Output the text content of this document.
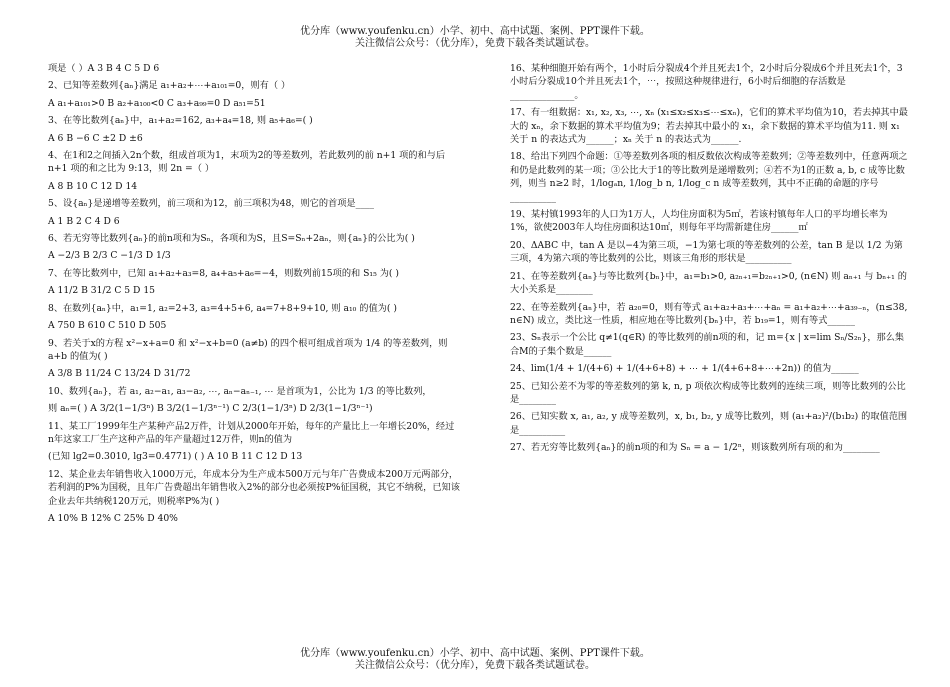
优分库（www.youfenku.cn）小学、初中、高中试题、案例、PPT课件下载。
关注微信公众号：（优分库），免费下载各类试题试卷。

项是（ ）A 3 B 4 C 5 D 6

2、已知等差数列{aₙ}满足 a₁+a₂+⋯+a₁₀₁=0，则有（ ）

A a₁+a₁₀₁>0 B a₂+a₁₀₀<0 C a₃+a₉₉=0 D a₅₁=51

3、在等比数列{aₙ}中，a₁+a₂=162, a₃+a₄=18, 则 a₅+a₆=( )

A 6 B −6 C ±2 D ±6

4、在1和2之间插入2n个数，组成首项为1，末项为2的等差数列，若此数列的前 n+1 项的和与后 n+1 项的和之比为 9:13，则 2n =（ ）

A 8 B 10 C 12 D 14

5、设{aₙ}是递增等差数列，前三项和为12，前三项积为48，则它的首项是____

A 1 B 2 C 4 D 6

6、若无穷等比数列{aₙ}的前n项和为Sₙ，各项和为S，且S=Sₙ+2aₙ，则{aₙ}的公比为( )

A −2/3 B 2/3 C −1/3 D 1/3

7、在等比数列中，已知 a₁+a₂+a₃=8, a₄+a₅+a₆=−4，则数列前15项的和 S₁₅ 为( )

A 11/2 B 31/2 C 5 D 15

8、在数列{aₙ}中，a₁=1, a₂=2+3, a₃=4+5+6, a₄=7+8+9+10, 则 a₁₀ 的值为( )

A 750 B 610 C 510 D 505

9、若关于x的方程 x²−x+a=0 和 x²−x+b=0 (a≠b) 的四个根可组成首项为 1/4 的等差数列，则 a+b 的值为( )

A 3/8 B 11/24 C 13/24 D 31/72

10、数列{aₙ}，若 a₁, a₂−a₁, a₃−a₂, ⋯, aₙ−aₙ₋₁, ⋯ 是首项为1，公比为 1/3 的等比数列，

则 aₙ=( ) A 3/2(1−1/3ⁿ) B 3/2(1−1/3ⁿ⁻¹) C 2/3(1−1/3ⁿ) D 2/3(1−1/3ⁿ⁻¹)

11、某工厂1999年生产某种产品2万件，计划从2000年开始，每年的产量比上一年增长20%，经过n年这家工厂生产这种产品的年产量超过12万件，则n的值为

(已知 lg2=0.3010, lg3=0.4771) ( ) A 10 B 11 C 12 D 13

12、某企业去年销售收入1000万元，年成本分为生产成本500万元与年广告费成本200万元两部分，若利润的P%为国税，且年广告费超出年销售收入2%的部分也必须按P%征国税，其它不纳税，已知该企业去年共纳税120万元，则税率P%为( )

A 10% B 12% C 25% D 40%

16、某种细胞开始有两个，1小时后分裂成4个并且死去1个，2小时后分裂成6个并且死去1个，3小时后分裂成10个并且死去1个，⋯，按照这种规律进行，6小时后细胞的存活数是______________。

17、有一组数据：x₁, x₂, x₃, ⋯, xₙ (x₁≤x₂≤x₃≤⋯≤xₙ)，它们的算术平均值为10，若去掉其中最大的 xₙ，余下数据的算术平均值为9；若去掉其中最小的 x₁，余下数据的算术平均值为11. 则 x₁ 关于 n 的表达式为______；xₙ 关于 n 的表达式为______.

18、给出下列四个命题：①等差数列各项的相反数依次构成等差数列；②等差数列中，任意两项之和仍是此数列的某一项；③公比大于1的等比数列是递增数列；④若不为1的正数 a, b, c 成等比数列，则当 n≥2 时，1/logₐn, 1/log_b n, 1/log_c n 成等差数列，其中不正确的命题的序号__________

19、某村镇1993年的人口为1万人，人均住房面积为5㎡，若该村镇每年人口的平均增长率为1%，欲使2003年人均住房面积达10㎡，则每年平均需新建住房______㎡

20、ΔABC 中，tan A 是以−4为第三项，−1为第七项的等差数列的公差，tan B 是以 1/2 为第三项，4为第六项的等比数列的公比，则该三角形的形状是__________

21、在等差数列{aₙ}与等比数列{bₙ}中，a₁=b₁>0, a₂ₙ₊₁=b₂ₙ₊₁>0, (n∈N) 则 aₙ₊₁ 与 bₙ₊₁ 的大小关系是________

22、在等差数列{aₙ}中，若 a₂₀=0，则有等式 a₁+a₂+a₃+⋯+aₙ = a₁+a₂+⋯+a₃₉₋ₙ，(n≤38, n∈N) 成立，类比这一性质，相应地在等比数列{bₙ}中，若 b₁₉=1，则有等式______

23、Sₙ表示一个公比 q≠1(q∈R) 的等比数列的前n项的和，记 m={x | x=lim Sₙ/S₂ₙ}，那么集合M的子集个数是______

24、lim(1/4 + 1/(4+6) + 1/(4+6+8) + ⋯ + 1/(4+6+8+⋯+2n)) 的值为______

25、已知公差不为零的等差数列的第 k, n, p 项依次构成等比数列的连续三项，则等比数列的公比是________

26、已知实数 x, a₁, a₂, y 成等差数列，x, b₁, b₂, y 成等比数列，则 (a₁+a₂)²/(b₁b₂) 的取值范围是__________

27、若无穷等比数列{aₙ}的前n项的和为 Sₙ = a − 1/2ⁿ，则该数列所有项的和为________

优分库（www.youfenku.cn）小学、初中、高中试题、案例、PPT课件下载。
关注微信公众号：（优分库），免费下载各类试题试卷。
